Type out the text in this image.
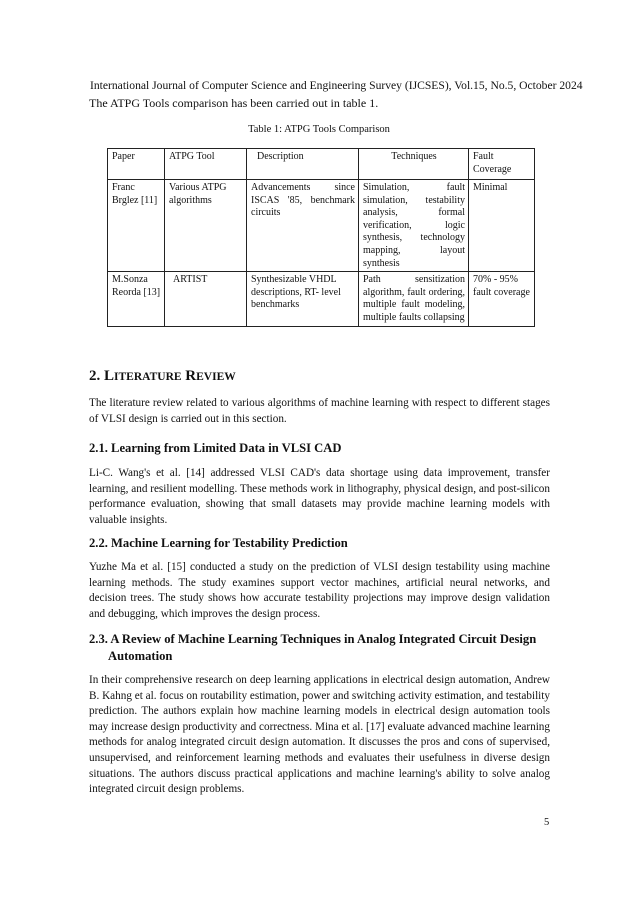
International Journal of Computer Science and Engineering Survey (IJCSES), Vol.15, No.5, October 2024
The ATPG Tools comparison has been carried out in table 1.
Table 1: ATPG Tools Comparison
Paper	ATPG Tool	Description	Techniques	Fault Coverage
Franc Brglez [11]	Various ATPG algorithms	Advancements since ISCAS '85, benchmark circuits	Simulation, fault simulation, testability analysis, formal verification, logic synthesis, technology mapping, layout synthesis	Minimal
M.Sonza Reorda [13]	ARTIST	Synthesizable VHDL descriptions, RT- level benchmarks	Path sensitization algorithm, fault ordering, multiple fault modeling, multiple faults collapsing	70% - 95% fault coverage
2. LITERATURE REVIEW
The literature review related to various algorithms of machine learning with respect to different stages of VLSI design is carried out in this section.
2.1. Learning from Limited Data in VLSI CAD
Li-C. Wang's et al. [14] addressed VLSI CAD's data shortage using data improvement, transfer learning, and resilient modelling. These methods work in lithography, physical design, and post-silicon performance evaluation, showing that small datasets may provide machine learning models with valuable insights.
2.2. Machine Learning for Testability Prediction
Yuzhe Ma et al. [15] conducted a study on the prediction of VLSI design testability using machine learning methods. The study examines support vector machines, artificial neural networks, and decision trees. The study shows how accurate testability projections may improve design validation and debugging, which improves the design process.
2.3. A Review of Machine Learning Techniques in Analog Integrated Circuit Design
Automation
In their comprehensive research on deep learning applications in electrical design automation, Andrew B. Kahng et al. focus on routability estimation, power and switching activity estimation, and testability prediction. The authors explain how machine learning models in electrical design automation tools may increase design productivity and correctness. Mina et al. [17] evaluate advanced machine learning methods for analog integrated circuit design automation. It discusses the pros and cons of supervised, unsupervised, and reinforcement learning methods and evaluates their usefulness in diverse design situations. The authors discuss practical applications and machine learning's ability to solve analog integrated circuit design problems.
5
